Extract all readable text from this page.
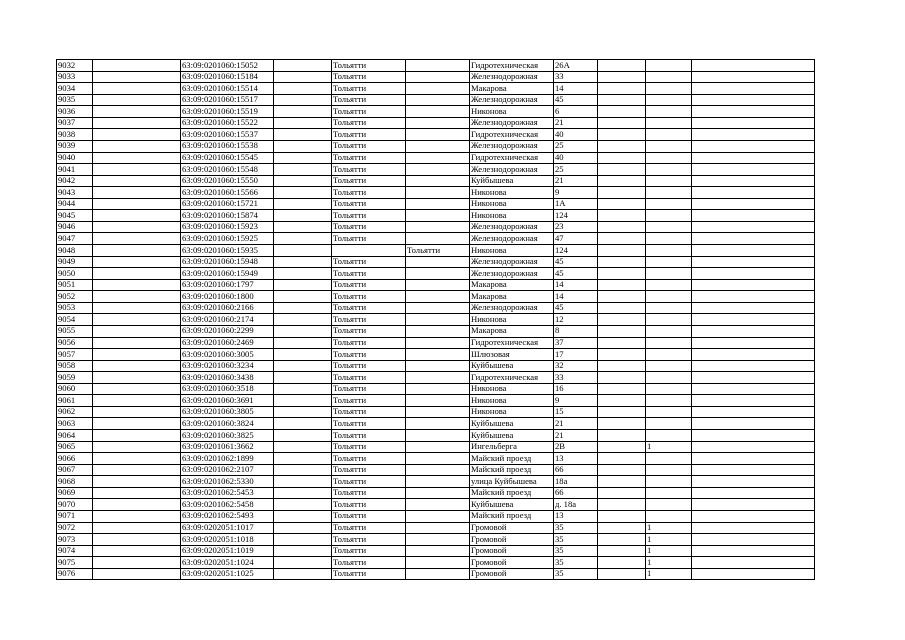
9032		63:09:0201060:15052		Тольятти		Гидротехническая	26А			
9033		63:09:0201060:15184		Тольятти		Железнодорожная	33			
9034		63:09:0201060:15514		Тольятти		Макарова	14			
9035		63:09:0201060:15517		Тольятти		Железнодорожная	45			
9036		63:09:0201060:15519		Тольятти		Никонова	6			
9037		63:09:0201060:15522		Тольятти		Железнодорожная	21			
9038		63:09:0201060:15537		Тольятти		Гидротехническая	40			
9039		63:09:0201060:15538		Тольятти		Железнодорожная	25			
9040		63:09:0201060:15545		Тольятти		Гидротехническая	40			
9041		63:09:0201060:15548		Тольятти		Железнодорожная	25			
9042		63:09:0201060:15550		Тольятти		Куйбышева	21			
9043		63:09:0201060:15566		Тольятти		Никонова	9			
9044		63:09:0201060:15721		Тольятти		Никонова	1А			
9045		63:09:0201060:15874		Тольятти		Никонова	124			
9046		63:09:0201060:15923		Тольятти		Железнодорожная	23			
9047		63:09:0201060:15925		Тольятти		Железнодорожная	47			
9048		63:09:0201060:15935			Тольятти	Никонова	124			
9049		63:09:0201060:15948		Тольятти		Железнодорожная	45			
9050		63:09:0201060:15949		Тольятти		Железнодорожная	45			
9051		63:09:0201060:1797		Тольятти		Макарова	14			
9052		63:09:0201060:1800		Тольятти		Макарова	14			
9053		63:09:0201060:2166		Тольятти		Железнодорожная	45			
9054		63:09:0201060:2174		Тольятти		Никонова	12			
9055		63:09:0201060:2299		Тольятти		Макарова	8			
9056		63:09:0201060:2469		Тольятти		Гидротехническая	37			
9057		63:09:0201060:3005		Тольятти		Шлюзовая	17			
9058		63:09:0201060:3234		Тольятти		Куйбышева	32			
9059		63:09:0201060:3438		Тольятти		Гидротехническая	33			
9060		63:09:0201060:3518		Тольятти		Никонова	16			
9061		63:09:0201060:3691		Тольятти		Никонова	9			
9062		63:09:0201060:3805		Тольятти		Никонова	15			
9063		63:09:0201060:3824		Тольятти		Куйбышева	21			
9064		63:09:0201060:3825		Тольятти		Куйбышева	21			
9065		63:09:0201061:3662		Тольятти		Ингельберга	2В		1	
9066		63:09:0201062:1899		Тольятти		Майский проезд	13			
9067		63:09:0201062:2107		Тольятти		Майский проезд	66			
9068		63:09:0201062:5330		Тольятти		улица Куйбышева	18а			
9069		63:09:0201062:5453		Тольятти		Майский проезд	66			
9070		63:09:0201062:5458		Тольятти		Куйбышева	д. 18а			
9071		63:09:0201062:5493		Тольятти		Майский проезд	13			
9072		63:09:0202051:1017		Тольятти		Громовой	35		1	
9073		63:09:0202051:1018		Тольятти		Громовой	35		1	
9074		63:09:0202051:1019		Тольятти		Громовой	35		1	
9075		63:09:0202051:1024		Тольятти		Громовой	35		1	
9076		63:09:0202051:1025		Тольятти		Громовой	35		1	
